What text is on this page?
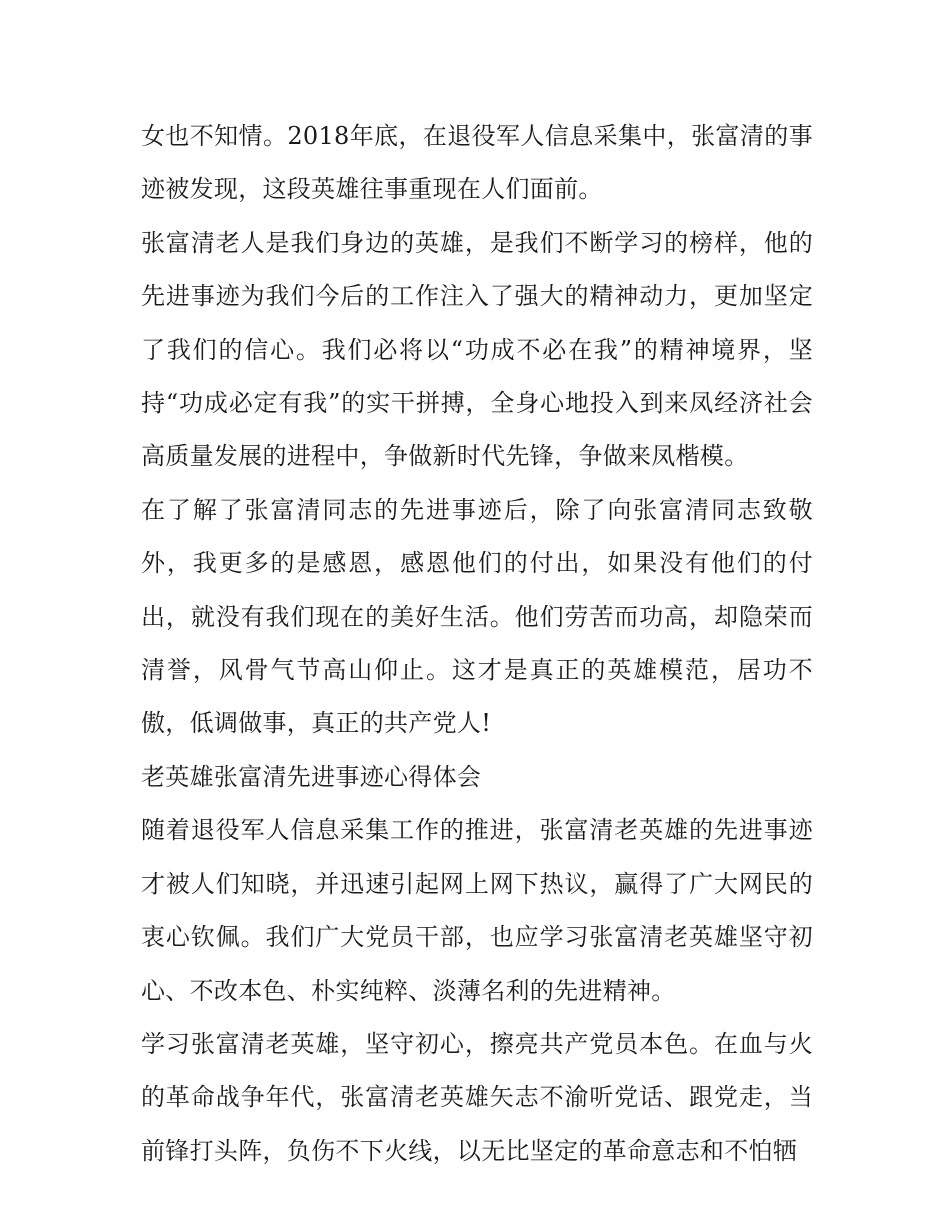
女也不知情。2018年底，在退役军人信息采集中，张富清的事迹被发现，这段英雄往事重现在人们面前。

张富清老人是我们身边的英雄，是我们不断学习的榜样，他的先进事迹为我们今后的工作注入了强大的精神动力，更加坚定了我们的信心。我们必将以“功成不必在我”的精神境界，坚持“功成必定有我”的实干拼搏，全身心地投入到来凤经济社会高质量发展的进程中，争做新时代先锋，争做来凤楷模。

在了解了张富清同志的先进事迹后，除了向张富清同志致敬外，我更多的是感恩，感恩他们的付出，如果没有他们的付出，就没有我们现在的美好生活。他们劳苦而功高，却隐荣而清誉，风骨气节高山仰止。这才是真正的英雄模范，居功不傲，低调做事，真正的共产党人!

老英雄张富清先进事迹心得体会

随着退役军人信息采集工作的推进，张富清老英雄的先进事迹才被人们知晓，并迅速引起网上网下热议，赢得了广大网民的衷心钦佩。我们广大党员干部，也应学习张富清老英雄坚守初心、不改本色、朴实纯粹、淡薄名利的先进精神。

学习张富清老英雄，坚守初心，擦亮共产党员本色。在血与火的革命战争年代，张富清老英雄矢志不渝听党话、跟党走，当前锋打头阵，负伤不下火线，以无比坚定的革命意志和不怕牺
